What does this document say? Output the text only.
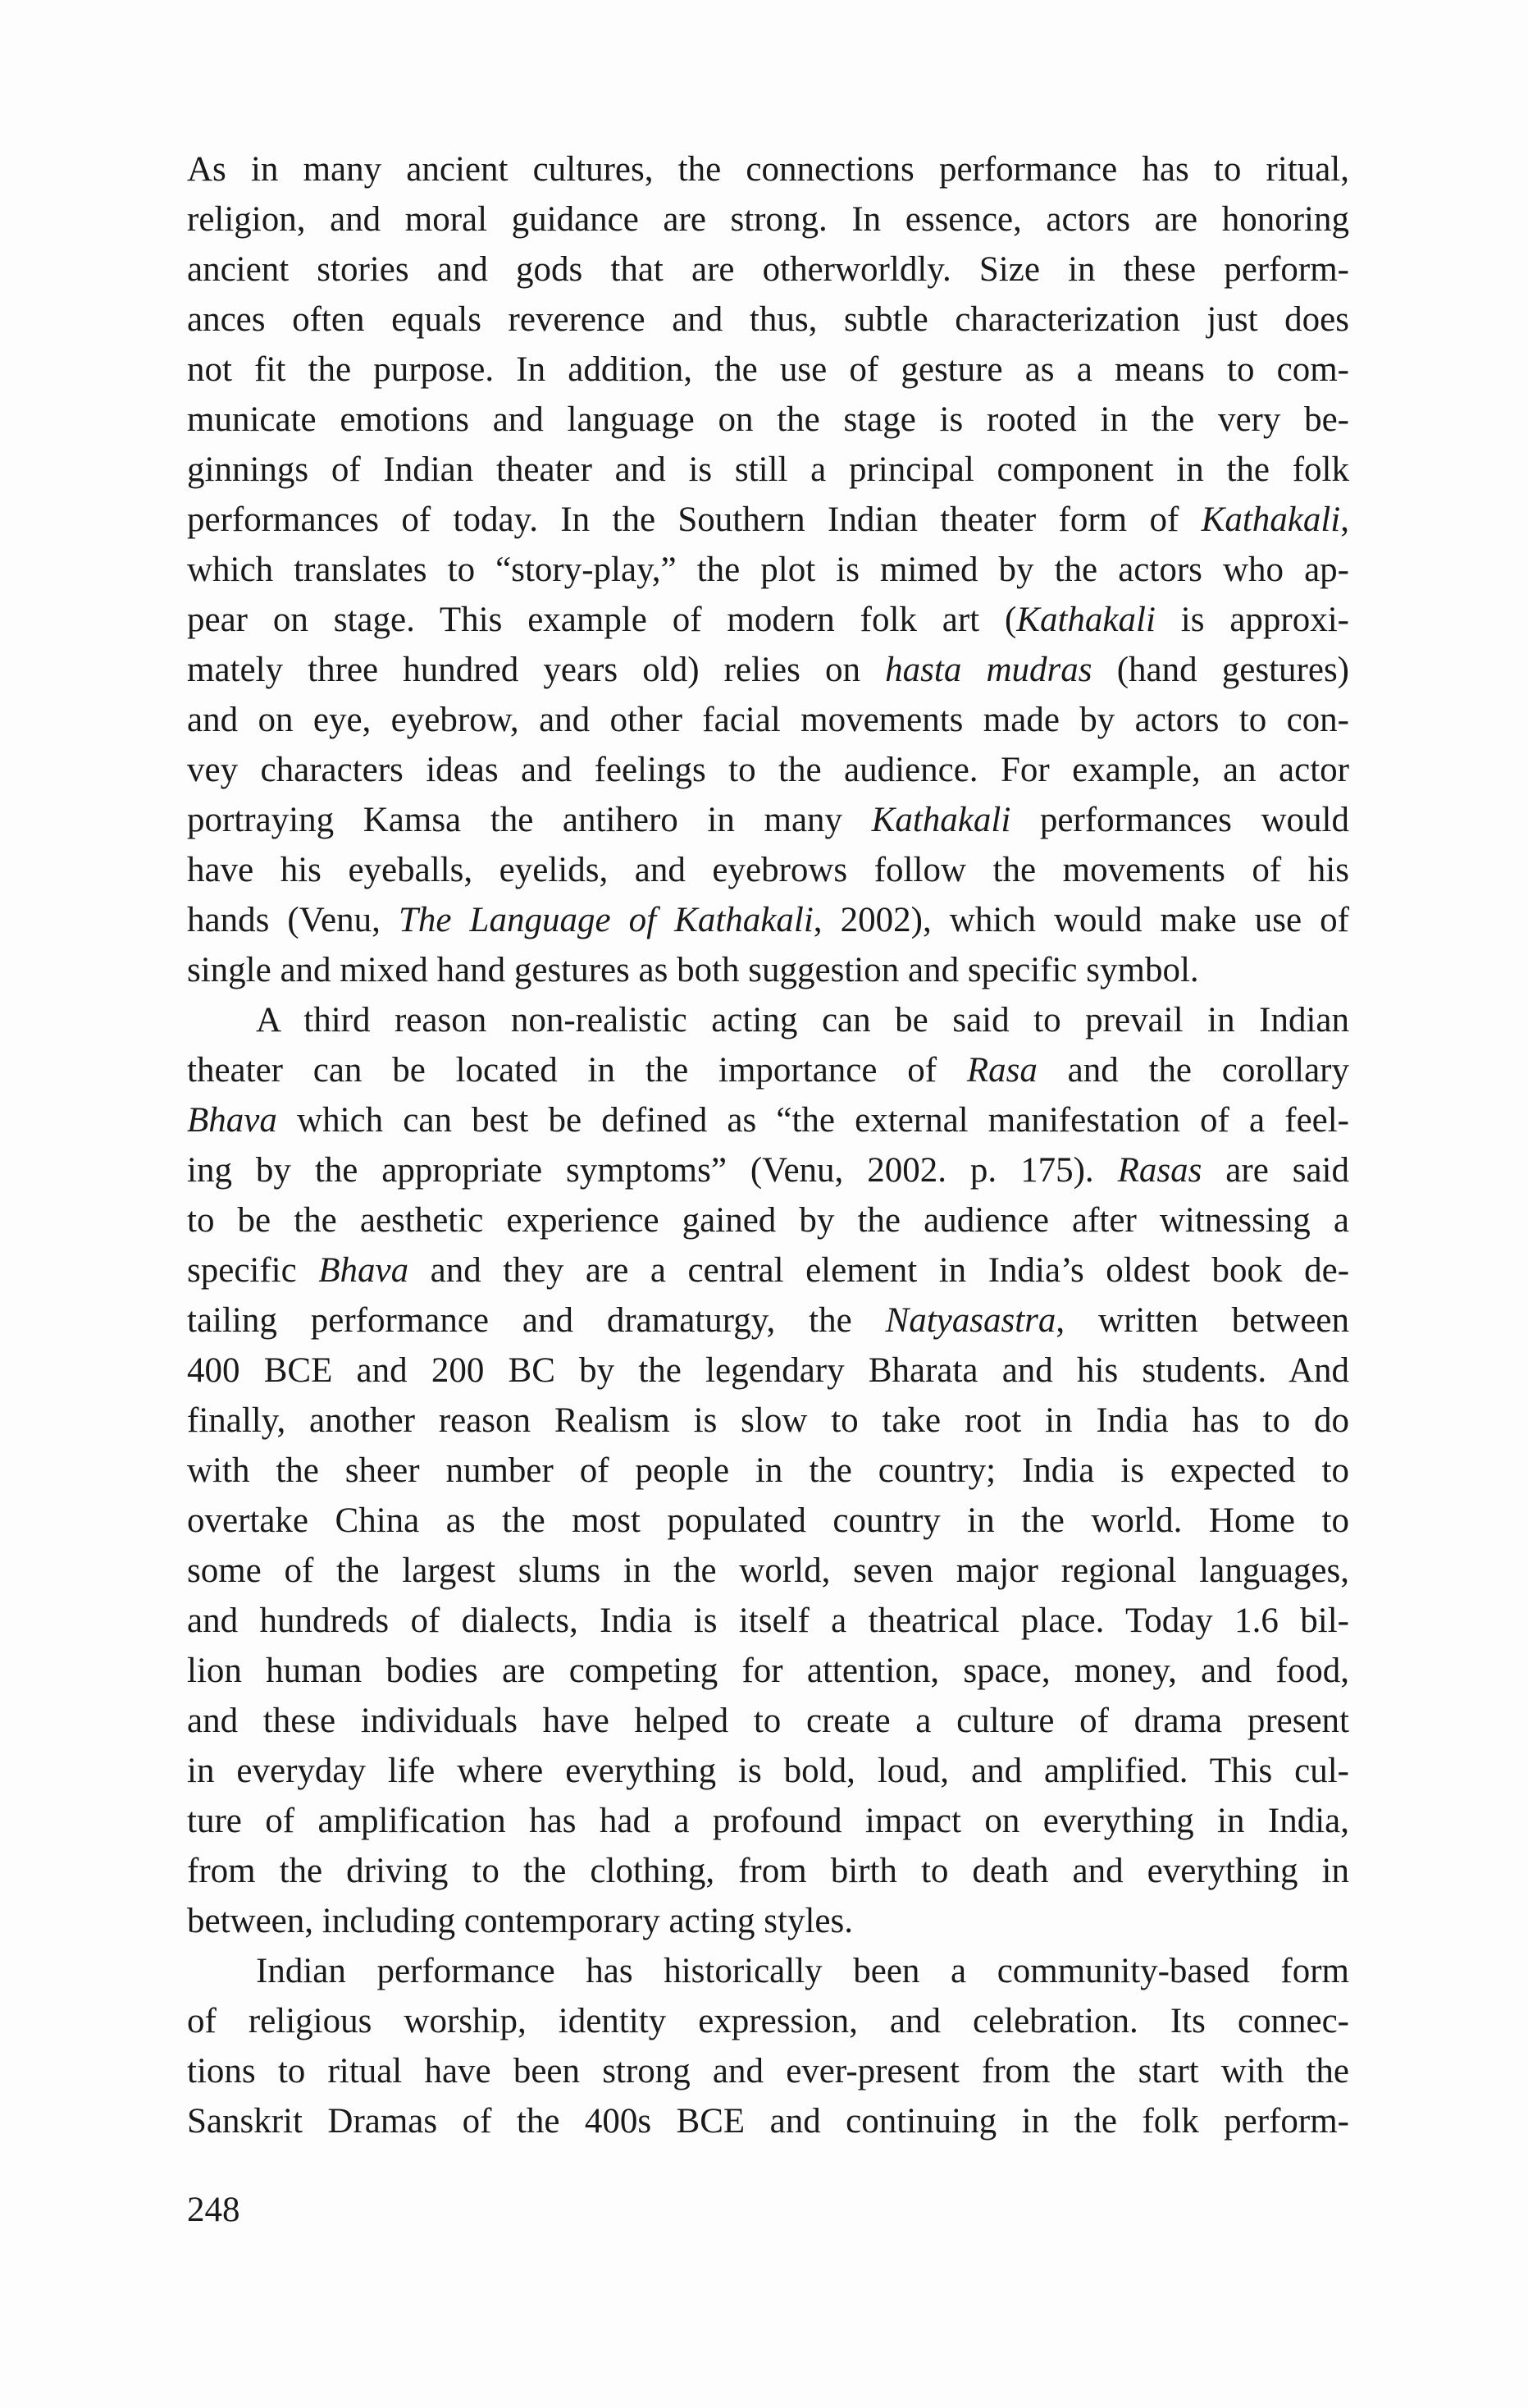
As in many ancient cultures, the connections performance has to ritual,
religion, and moral guidance are strong. In essence, actors are honoring
ancient stories and gods that are otherworldly. Size in these perform-
ances often equals reverence and thus, subtle characterization just does
not fit the purpose. In addition, the use of gesture as a means to com-
municate emotions and language on the stage is rooted in the very be-
ginnings of Indian theater and is still a principal component in the folk
performances of today. In the Southern Indian theater form of Kathakali,
which translates to “story-play,” the plot is mimed by the actors who ap-
pear on stage. This example of modern folk art (Kathakali is approxi-
mately three hundred years old) relies on hasta mudras (hand gestures)
and on eye, eyebrow, and other facial movements made by actors to con-
vey characters ideas and feelings to the audience. For example, an actor
portraying Kamsa the antihero in many Kathakali performances would
have his eyeballs, eyelids, and eyebrows follow the movements of his
hands (Venu, The Language of Kathakali, 2002), which would make use of
single and mixed hand gestures as both suggestion and specific symbol.
A third reason non-realistic acting can be said to prevail in Indian
theater can be located in the importance of Rasa and the corollary
Bhava which can best be defined as “the external manifestation of a feel-
ing by the appropriate symptoms” (Venu, 2002. p. 175). Rasas are said
to be the aesthetic experience gained by the audience after witnessing a
specific Bhava and they are a central element in India’s oldest book de-
tailing performance and dramaturgy, the Natyasastra, written between
400 BCE and 200 BC by the legendary Bharata and his students. And
finally, another reason Realism is slow to take root in India has to do
with the sheer number of people in the country; India is expected to
overtake China as the most populated country in the world. Home to
some of the largest slums in the world, seven major regional languages,
and hundreds of dialects, India is itself a theatrical place. Today 1.6 bil-
lion human bodies are competing for attention, space, money, and food,
and these individuals have helped to create a culture of drama present
in everyday life where everything is bold, loud, and amplified. This cul-
ture of amplification has had a profound impact on everything in India,
from the driving to the clothing, from birth to death and everything in
between, including contemporary acting styles.
Indian performance has historically been a community-based form
of religious worship, identity expression, and celebration. Its connec-
tions to ritual have been strong and ever-present from the start with the
Sanskrit Dramas of the 400s BCE and continuing in the folk perform-
248
